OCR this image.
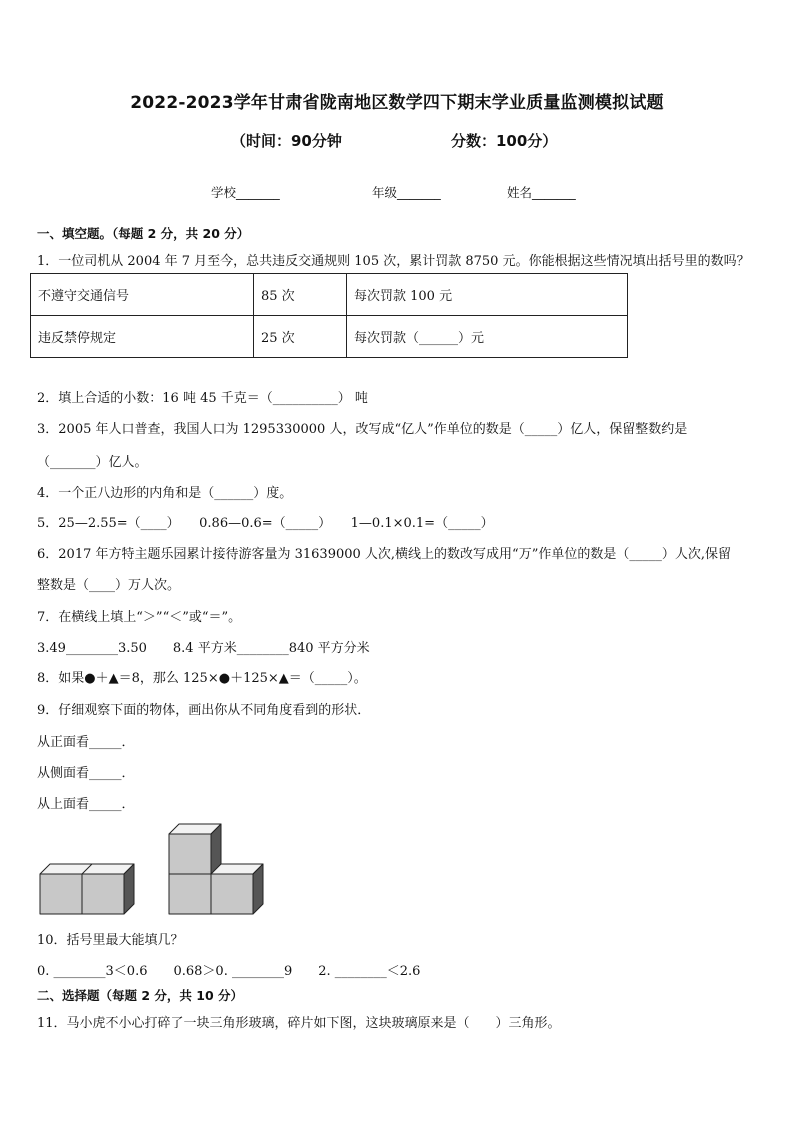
2022-2023学年甘肃省陇南地区数学四下期末学业质量监测模拟试题
（时间：90分钟	分数：100分）
学校_______	年级_______	姓名_______
一、填空题。（每题 2 分，共 20 分）
1．一位司机从 2004 年 7 月至今，总共违反交通规则 105 次，累计罚款 8750 元。你能根据这些情况填出括号里的数吗？
不遵守交通信号	85 次	每次罚款 100 元
违反禁停规定	25 次	每次罚款（______）元
2．填上合适的小数：16 吨 45 千克＝（__________） 吨
3．2005 年人口普查，我国人口为 1295330000 人，改写成“亿人”作单位的数是（_____）亿人，保留整数约是
（_______）亿人。
4．一个正八边形的内角和是（______）度。
5．25—2.55=（____）　　0.86—0.6=（_____）　　1—0.1×0.1=（_____）
6．2017 年方特主题乐园累计接待游客量为 31639000 人次,横线上的数改写成用“万”作单位的数是（_____）人次,保留
整数是（____）万人次。
7．在横线上填上“＞”“＜”或“＝”。
3.49________3.50　　8.4 平方米________840 平方分米
8．如果●＋▲＝8，那么 125×●＋125×▲＝（_____）。
9．仔细观察下面的物体，画出你从不同角度看到的形状．
从正面看_____．
从侧面看_____．
从上面看_____．
10．括号里最大能填几？
0. ________3＜0.6　　0.68＞0. ________9　　2. ________＜2.6
二、选择题（每题 2 分，共 10 分）
11．马小虎不小心打碎了一块三角形玻璃，碎片如下图，这块玻璃原来是（　　）三角形。
